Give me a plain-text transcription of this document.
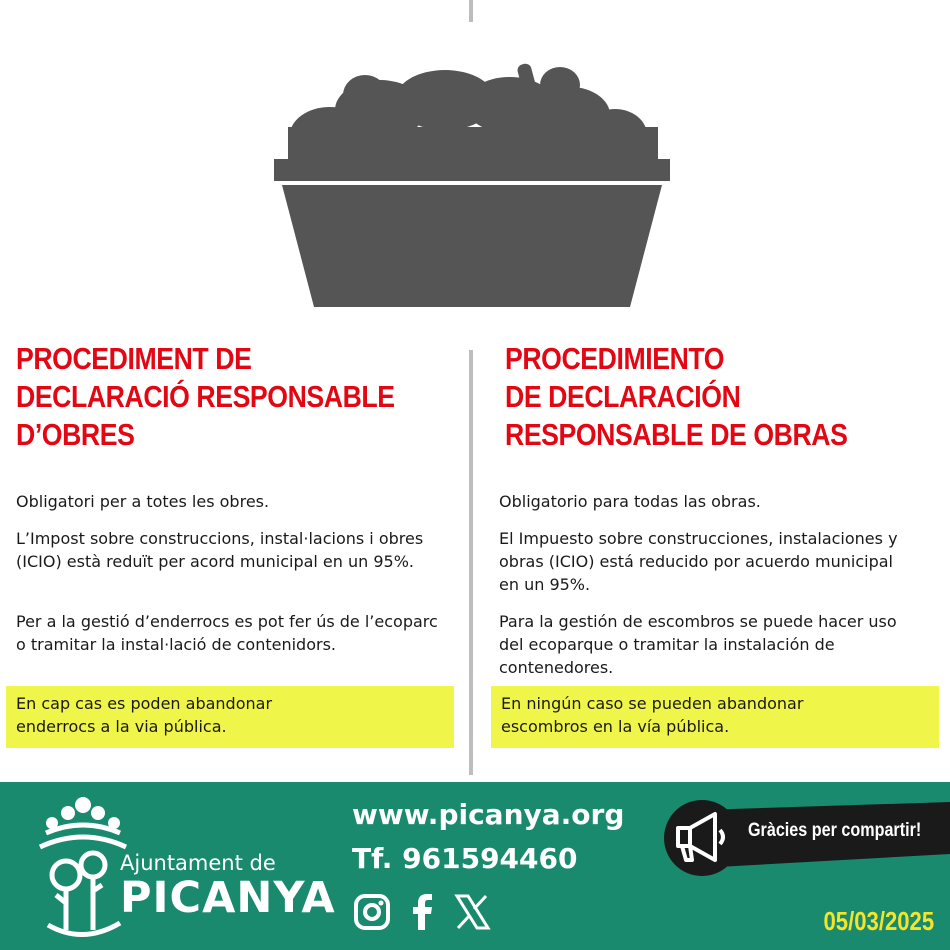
PROCEDIMENT DE
DECLARACIÓ RESPONSABLE
D’OBRES

Obligatori per a totes les obres.

L’Impost sobre construccions, instal·lacions i obres (ICIO) està reduït per acord municipal en un 95%.

Per a la gestió d’enderrocs es pot fer ús de l’ecoparc o tramitar la instal·lació de contenidors.

En cap cas es poden abandonar enderrocs a la via pública.
PROCEDIMIENTO
DE DECLARACIÓN
RESPONSABLE DE OBRAS

Obligatorio para todas las obras.

El Impuesto sobre construcciones, instalaciones y obras (ICIO) está reducido por acuerdo municipal en un 95%.

Para la gestión de escombros se puede hacer uso del ecoparque o tramitar la instalación de contenedores.

En ningún caso se pueden abandonar escombros en la vía pública.
Ajuntament de
PICANYA
www.picanya.org
Tf. 961594460
Gràcies per compartir!
05/03/2025
